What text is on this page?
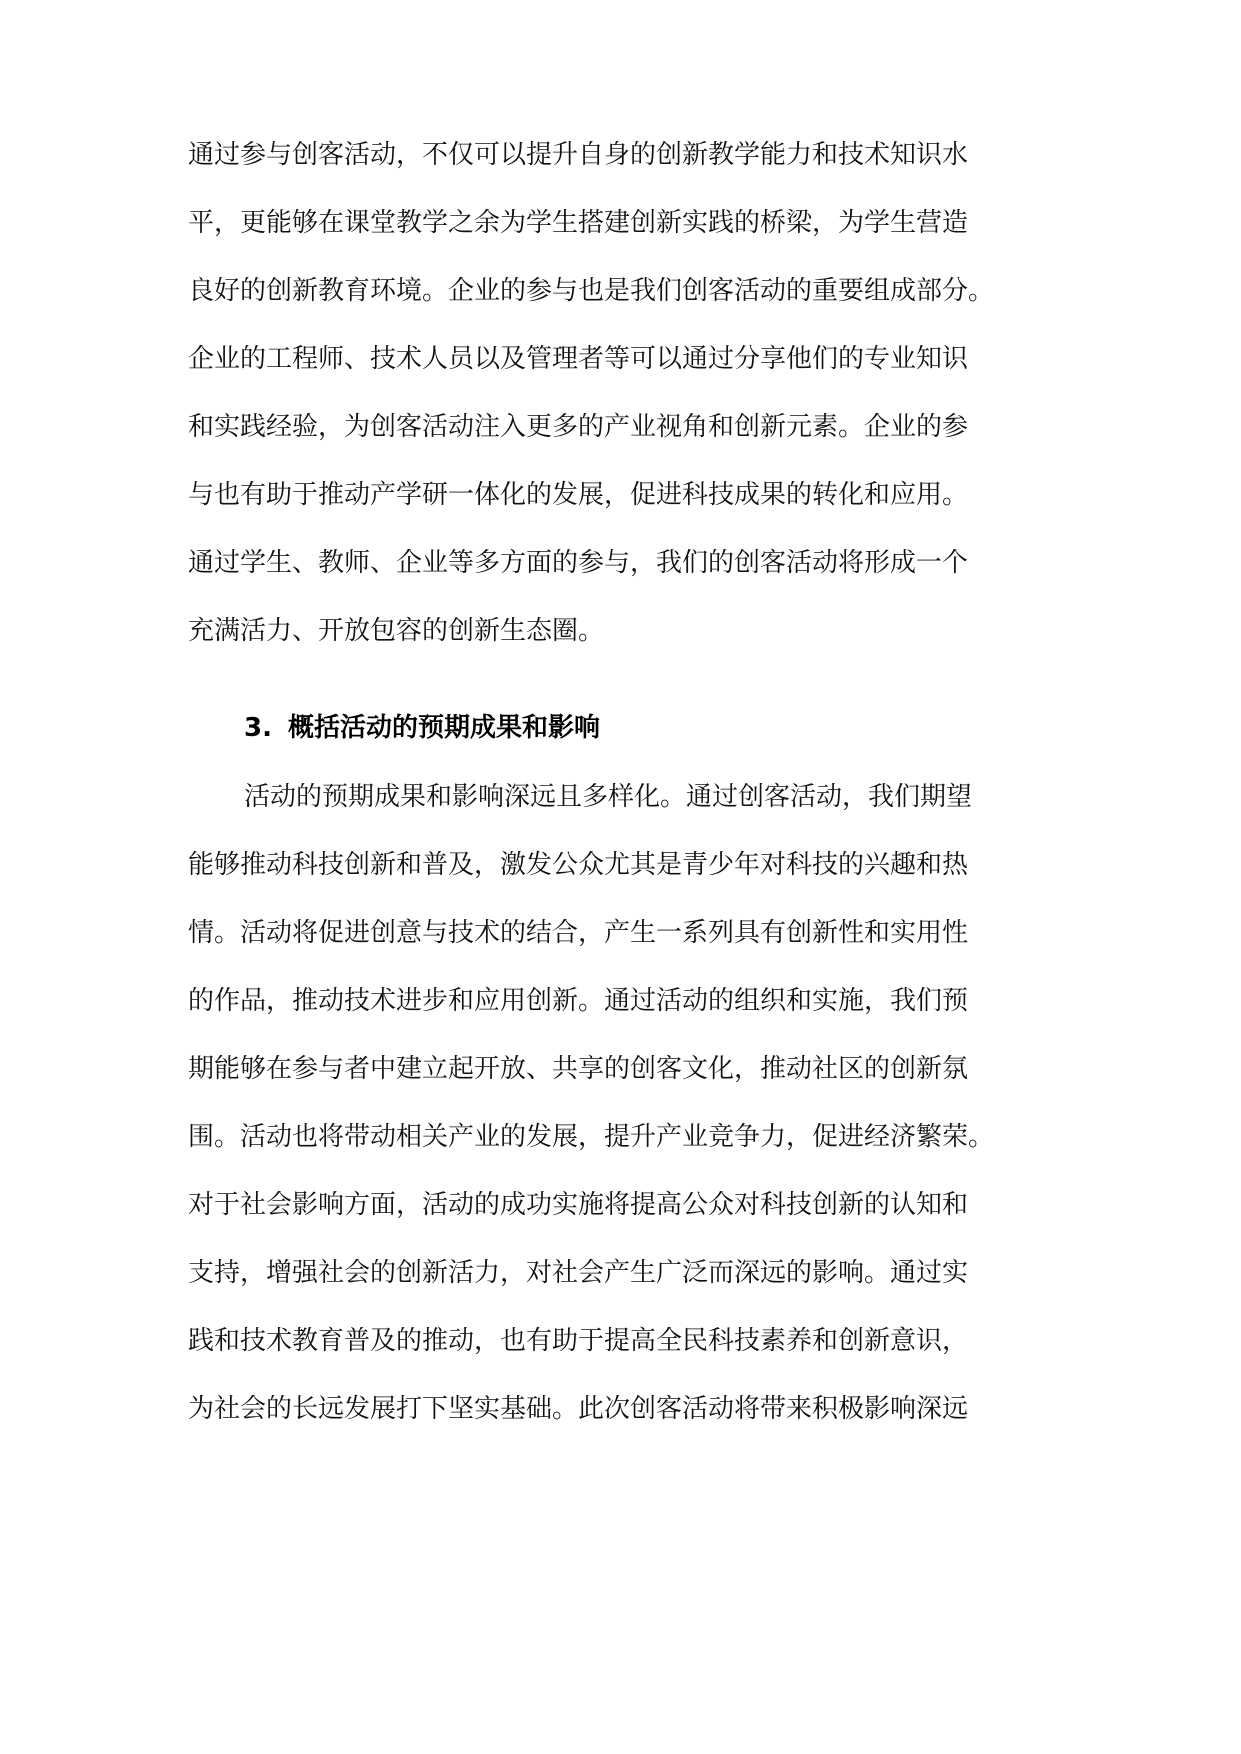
通过参与创客活动，不仅可以提升自身的创新教学能力和技术知识水
平，更能够在课堂教学之余为学生搭建创新实践的桥梁，为学生营造
良好的创新教育环境。企业的参与也是我们创客活动的重要组成部分。
企业的工程师、技术人员以及管理者等可以通过分享他们的专业知识
和实践经验，为创客活动注入更多的产业视角和创新元素。企业的参
与也有助于推动产学研一体化的发展，促进科技成果的转化和应用。
通过学生、教师、企业等多方面的参与，我们的创客活动将形成一个
充满活力、开放包容的创新生态圈。
3. 概括活动的预期成果和影响
活动的预期成果和影响深远且多样化。通过创客活动，我们期望
能够推动科技创新和普及，激发公众尤其是青少年对科技的兴趣和热
情。活动将促进创意与技术的结合，产生一系列具有创新性和实用性
的作品，推动技术进步和应用创新。通过活动的组织和实施，我们预
期能够在参与者中建立起开放、共享的创客文化，推动社区的创新氛
围。活动也将带动相关产业的发展，提升产业竞争力，促进经济繁荣。
对于社会影响方面，活动的成功实施将提高公众对科技创新的认知和
支持，增强社会的创新活力，对社会产生广泛而深远的影响。通过实
践和技术教育普及的推动，也有助于提高全民科技素养和创新意识，
为社会的长远发展打下坚实基础。此次创客活动将带来积极影响深远
